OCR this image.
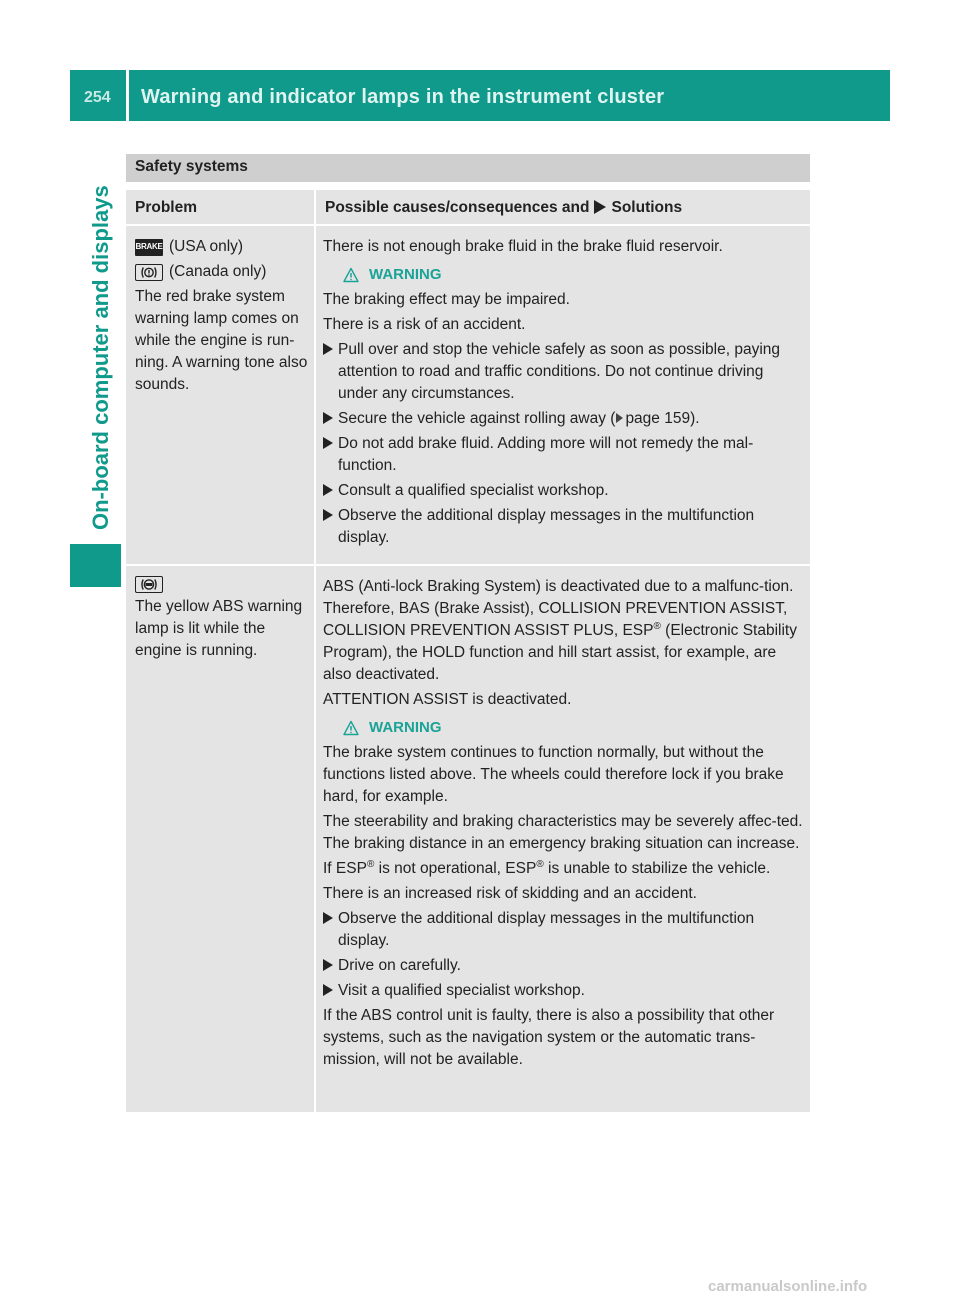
254 Warning and indicator lamps in the instrument cluster
On-board computer and displays
Safety systems
Problem	Possible causes/consequences and Solutions
BRAKE (USA only)
(Canada only)

The red brake system warning lamp comes on while the engine is run-ning. A warning tone also sounds.

There is not enough brake fluid in the brake fluid reservoir.

WARNING

The braking effect may be impaired.

There is a risk of an accident.

Pull over and stop the vehicle safely as soon as possible, paying attention to road and traffic conditions. Do not continue driving under any circumstances.
Secure the vehicle against rolling away ( page 159).
Do not add brake fluid. Adding more will not remedy the mal-function.
Consult a qualified specialist workshop.
Observe the additional display messages in the multifunction display.

The yellow ABS warning lamp is lit while the engine is running.

ABS (Anti-lock Braking System) is deactivated due to a malfunc-tion. Therefore, BAS (Brake Assist), COLLISION PREVENTION ASSIST, COLLISION PREVENTION ASSIST PLUS, ESP® (Electronic Stability Program), the HOLD function and hill start assist, for example, are also deactivated.

ATTENTION ASSIST is deactivated.

WARNING

The brake system continues to function normally, but without the functions listed above. The wheels could therefore lock if you brake hard, for example.

The steerability and braking characteristics may be severely affec-ted. The braking distance in an emergency braking situation can increase.

If ESP® is not operational, ESP® is unable to stabilize the vehicle.

There is an increased risk of skidding and an accident.

Observe the additional display messages in the multifunction display.
Drive on carefully.
Visit a qualified specialist workshop.

If the ABS control unit is faulty, there is also a possibility that other systems, such as the navigation system or the automatic trans-mission, will not be available.

carmanualsonline.info
